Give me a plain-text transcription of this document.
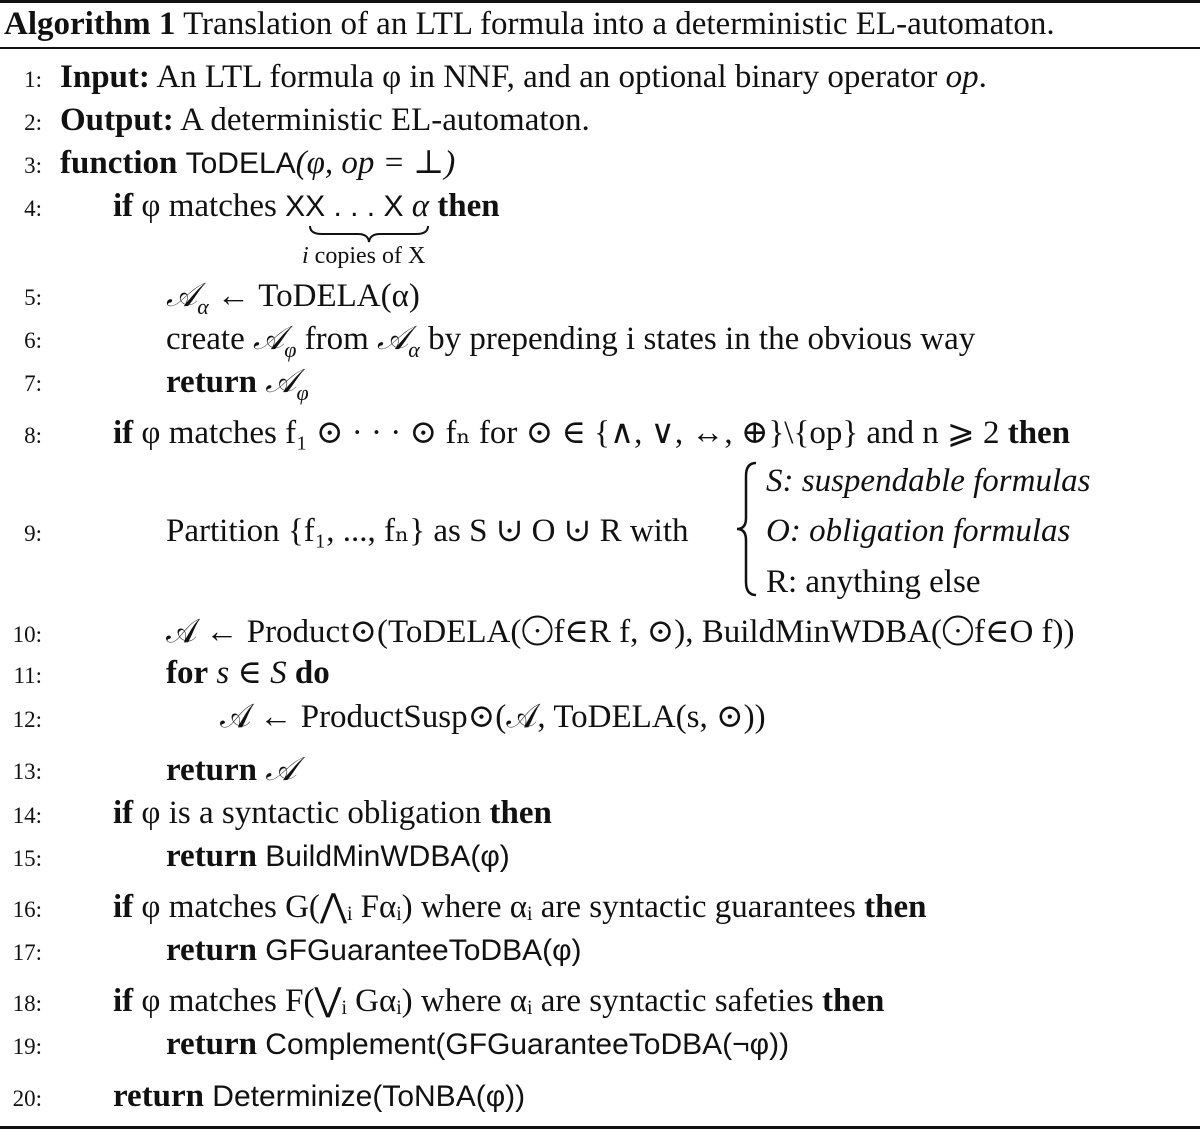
Algorithm 1 Translation of an LTL formula into a deterministic EL-automaton.
1: Input: An LTL formula φ in NNF, and an optional binary operator op.
2: Output: A deterministic EL-automaton.
3: function ToDELA(φ, op = ⊥)
4: if φ matches XX . . . X α then
i copies of X
5:	𝒜$_\alpha$ ← ToDELA(α)
6:	create 𝒜$_\varphi$ from 𝒜$_\alpha$ by prepending i states in the obvious way
7:	return 𝒜$_\varphi$
8: if φ matches f₁ ⊙ · · · ⊙ fₙ for ⊙ ∈ {∧, ∨, ↔, ⊕}\{op} and n ⩾ 2 then
9:	Partition {f₁, ..., fₙ} as S ⊍ O ⊍ R with
S: suspendable formulas
O: obligation formulas
R: anything else
10:	𝒜 ← Product⊙(ToDELA(⨀f∈R f, ⊙), BuildMinWDBA(⨀f∈O f))
11:	for s ∈ S do
12:	𝒜 ← ProductSusp⊙(𝒜, ToDELA(s, ⊙))
13:	return 𝒜
14: if φ is a syntactic obligation then
15:	return BuildMinWDBA(φ)
16: if φ matches G(⋀ᵢ Fαᵢ) where αᵢ are syntactic guarantees then
17:	return GFGuaranteeToDBA(φ)
18: if φ matches F(⋁ᵢ Gαᵢ) where αᵢ are syntactic safeties then
19:	return Complement(GFGuaranteeToDBA(¬φ))
20: return Determinize(ToNBA(φ))
